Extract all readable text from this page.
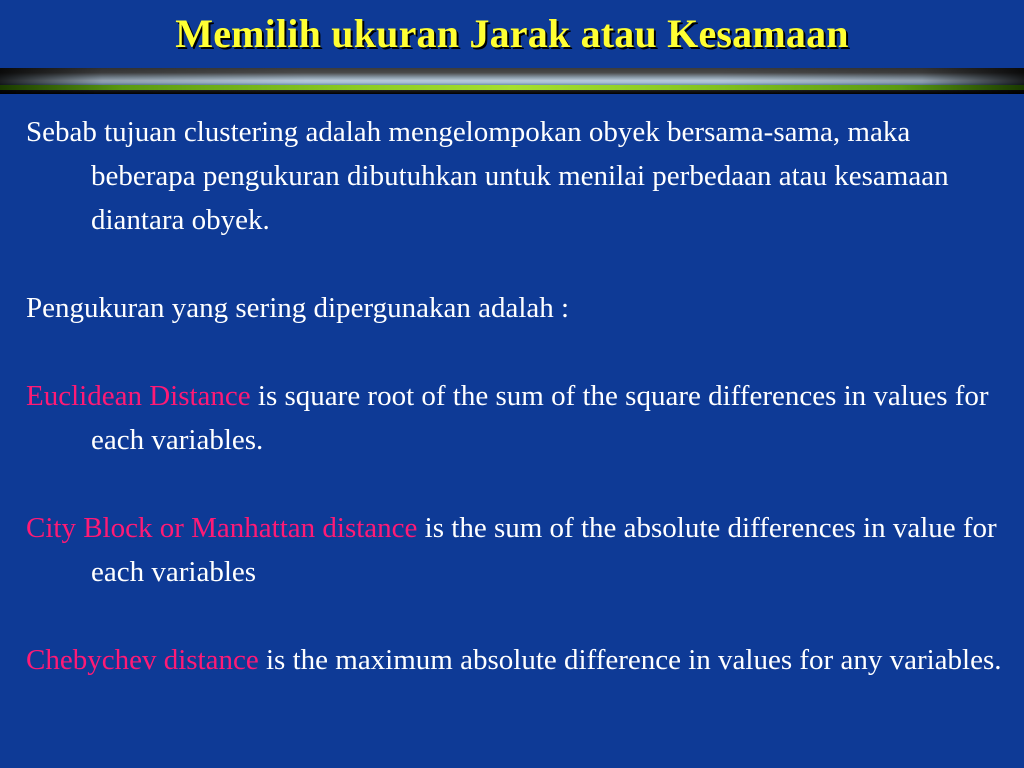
Memilih ukuran Jarak atau Kesamaan

Sebab tujuan clustering adalah mengelompokan obyek bersama-sama, maka beberapa pengukuran dibutuhkan untuk menilai perbedaan atau kesamaan diantara obyek.

Pengukuran yang sering dipergunakan adalah :

Euclidean Distance is square root of the sum of the square differences in values for each variables.

City Block or Manhattan distance is the sum of the absolute differences in value for each variables

Chebychev distance is the maximum absolute difference in values for any variables.
